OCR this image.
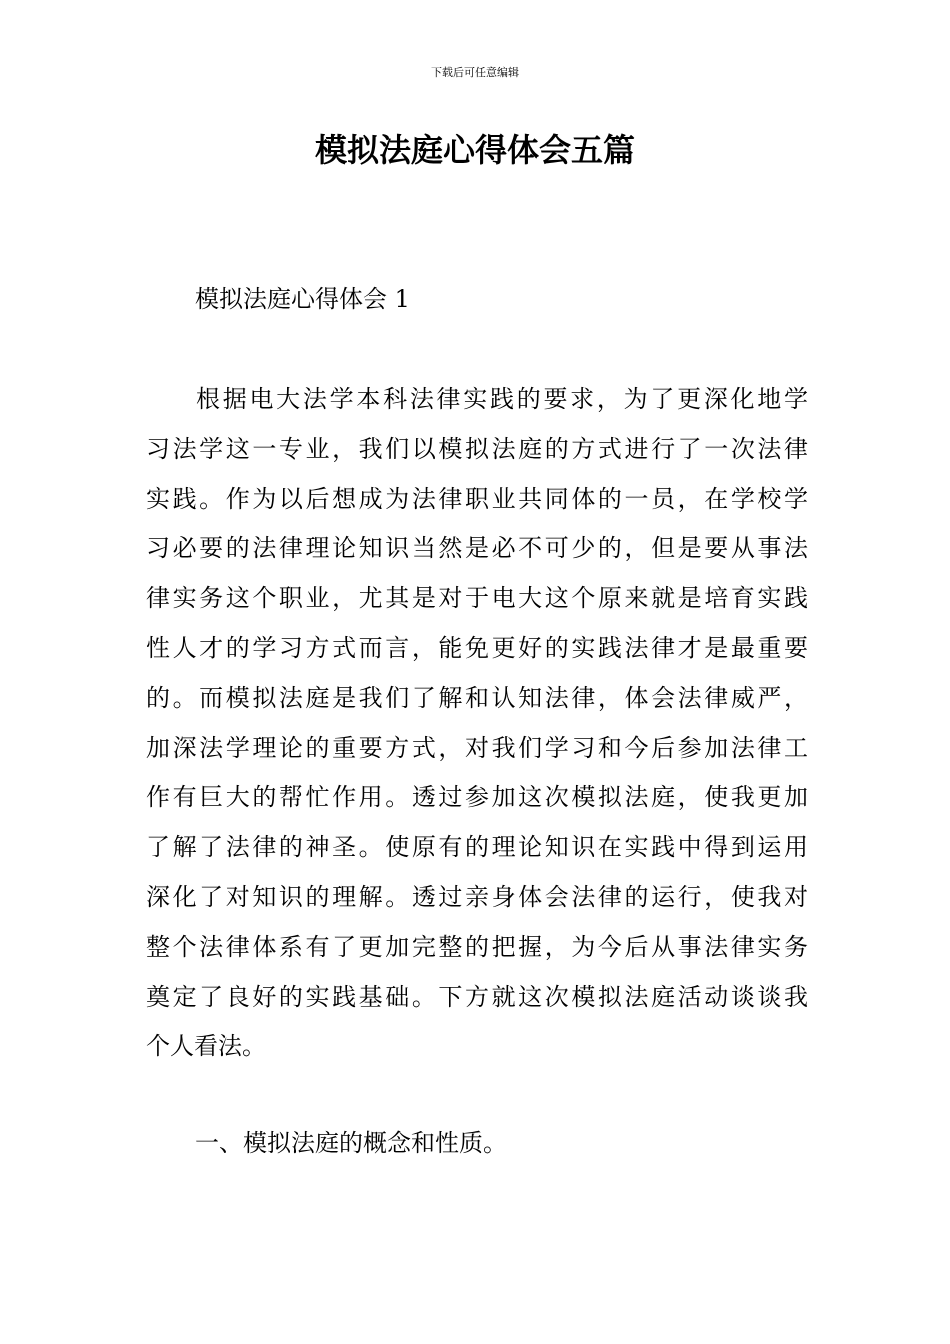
下载后可任意编辑
模拟法庭心得体会五篇
模拟法庭心得体会 1

根据电大法学本科法律实践的要求，为了更深化地学
习法学这一专业，我们以模拟法庭的方式进行了一次法律
实践。作为以后想成为法律职业共同体的一员，在学校学
习必要的法律理论知识当然是必不可少的，但是要从事法
律实务这个职业，尤其是对于电大这个原来就是培育实践
性人才的学习方式而言，能免更好的实践法律才是最重要
的。而模拟法庭是我们了解和认知法律，体会法律威严，
加深法学理论的重要方式，对我们学习和今后参加法律工
作有巨大的帮忙作用。透过参加这次模拟法庭，使我更加
了解了法律的神圣。使原有的理论知识在实践中得到运用
深化了对知识的理解。透过亲身体会法律的运行，使我对
整个法律体系有了更加完整的把握，为今后从事法律实务
奠定了良好的实践基础。下方就这次模拟法庭活动谈谈我
个人看法。

一、模拟法庭的概念和性质。
